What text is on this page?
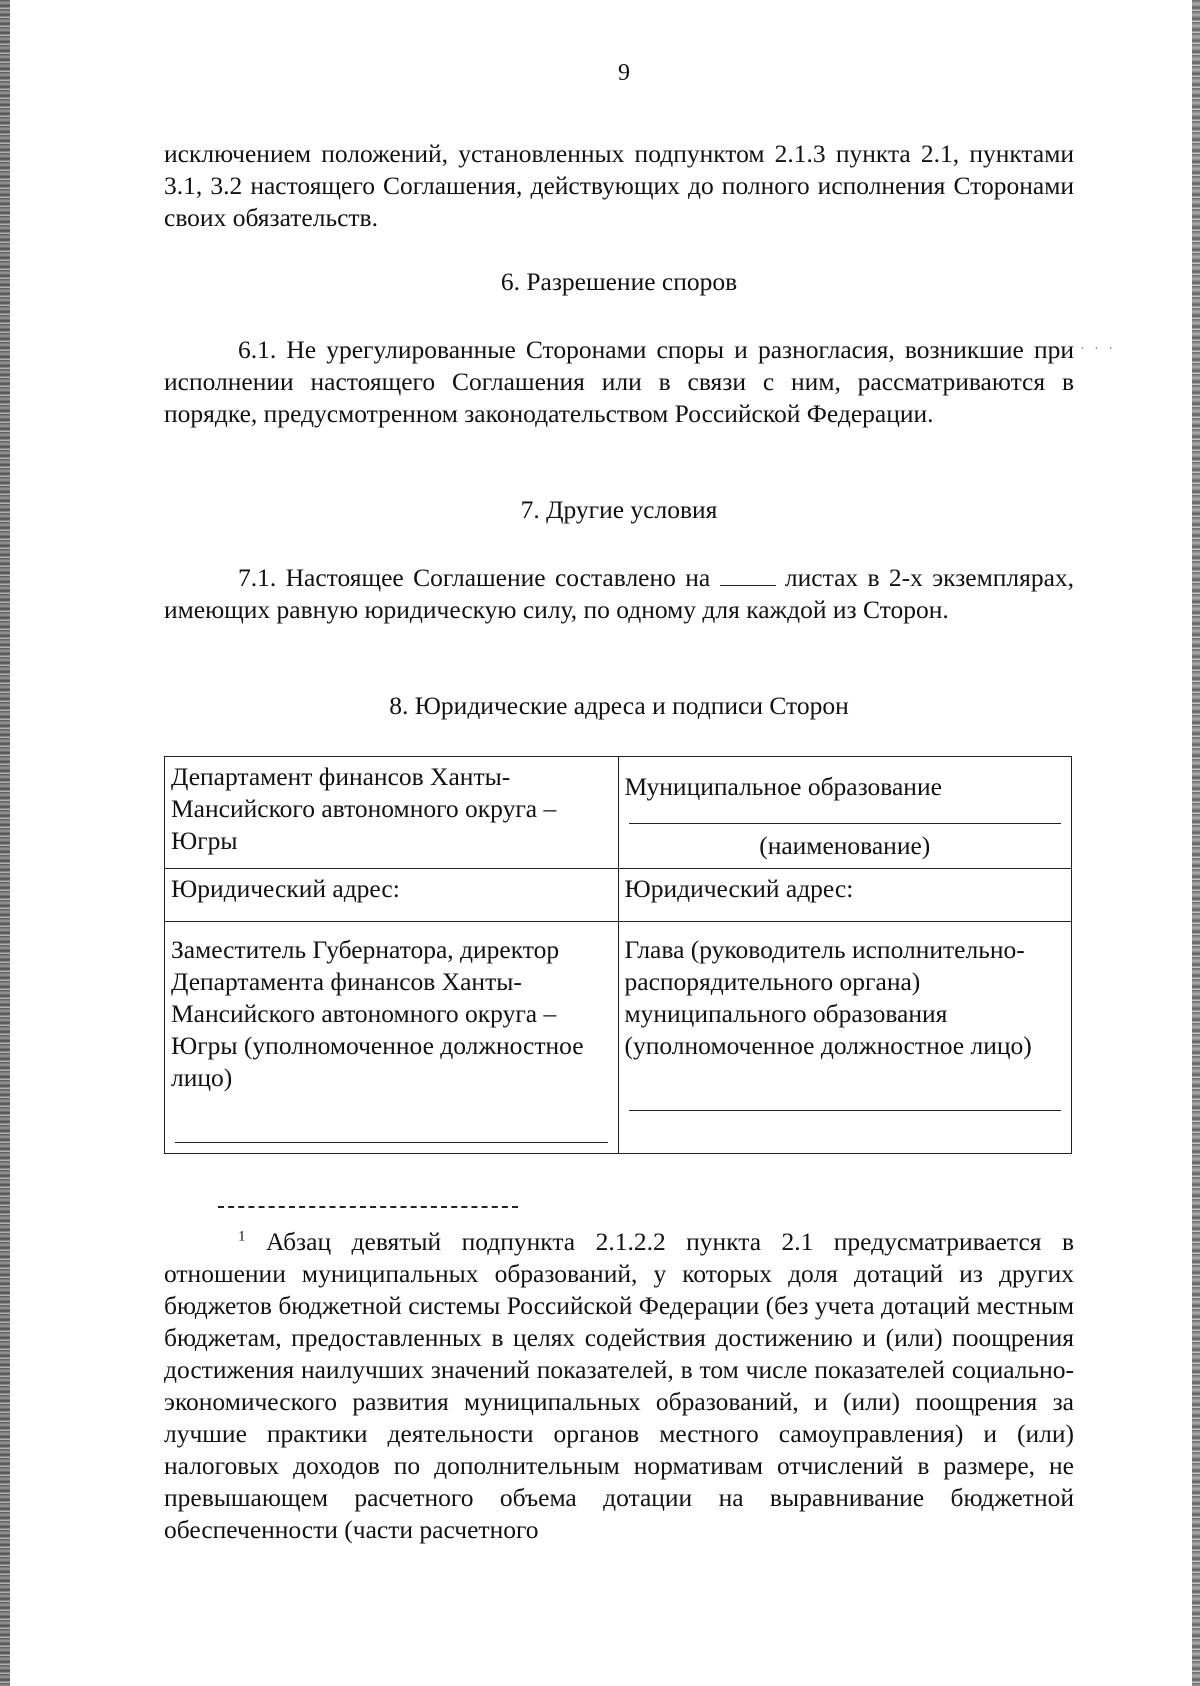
9

исключением положений, установленных подпунктом 2.1.3 пункта 2.1, пунктами 3.1, 3.2 настоящего Соглашения, действующих до полного исполнения Сторонами своих обязательств.

6. Разрешение споров

6.1. Не урегулированные Сторонами споры и разногласия, возникшие при исполнении настоящего Соглашения или в связи с ним, рассматриваются в порядке, предусмотренном законодательством Российской Федерации.

· · ·

7. Другие условия

7.1. Настоящее Соглашение составлено на	листах в 2-х экземплярах, имеющих равную юридическую силу, по одному для каждой из Сторон.

8. Юридические адреса и подписи Сторон

Департамент финансов Ханты-Мансийского автономного округа – Югры	Муниципальное образование
(наименование)

Юридический адрес:	Юридический адрес:

Заместитель Губернатора, директор Департамента финансов Ханты-Мансийского автономного округа – Югры (уполномоченное должностное лицо)	Глава (руководитель исполнительно-распорядительного органа) муниципального образования (уполномоченное должностное лицо)
$^1$ Абзац девятый подпункта 2.1.2.2 пункта 2.1 предусматривается в отношении муниципальных образований, у которых доля дотаций из других бюджетов бюджетной системы Российской Федерации (без учета дотаций местным бюджетам, предоставленных в целях содействия достижению и (или) поощрения достижения наилучших значений показателей, в том числе показателей социально-экономического развития муниципальных образований, и (или) поощрения за лучшие практики деятельности органов местного самоуправления) и (или) налоговых доходов по дополнительным нормативам отчислений в размере, не превышающем расчетного объема дотации на выравнивание бюджетной обеспеченности (части расчетного
